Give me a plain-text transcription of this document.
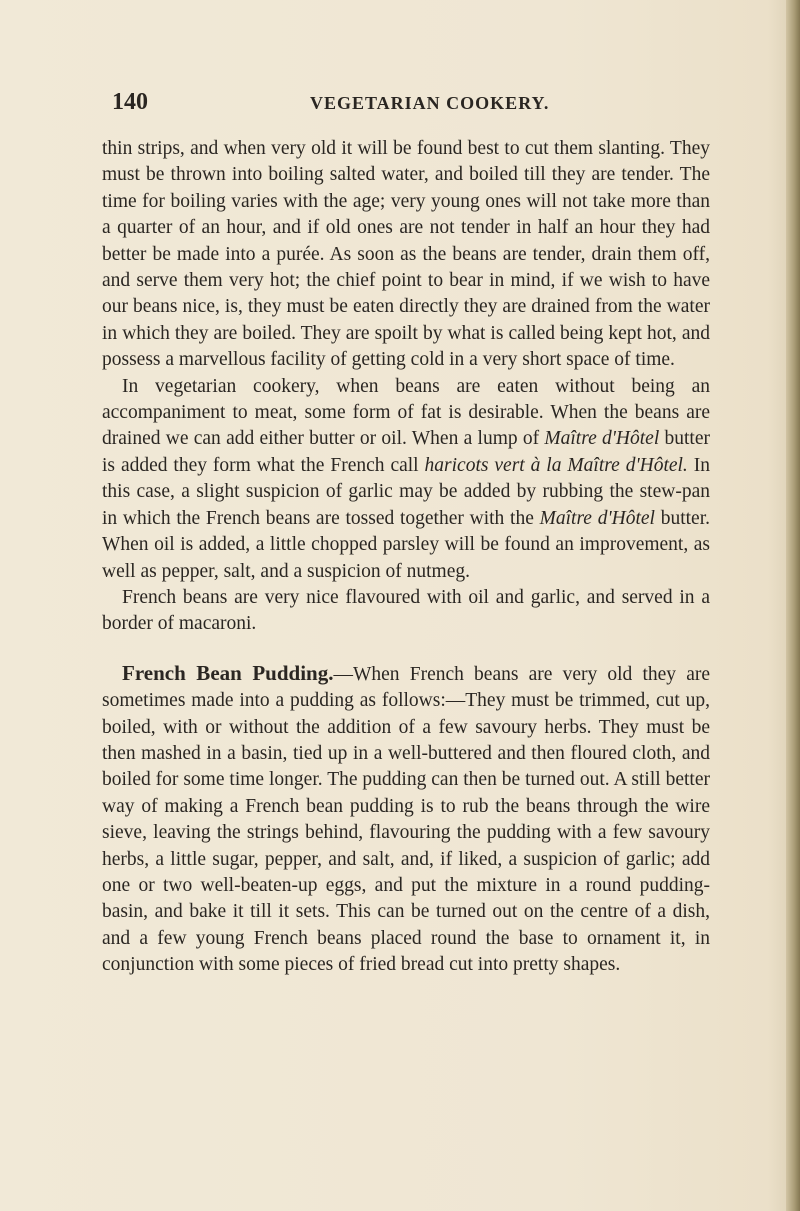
140	VEGETARIAN COOKERY.

thin strips, and when very old it will be found best to cut them slanting. They must be thrown into boiling salted water, and boiled till they are tender. The time for boiling varies with the age; very young ones will not take more than a quarter of an hour, and if old ones are not tender in half an hour they had better be made into a purée. As soon as the beans are tender, drain them off, and serve them very hot; the chief point to bear in mind, if we wish to have our beans nice, is, they must be eaten directly they are drained from the water in which they are boiled. They are spoilt by what is called being kept hot, and possess a marvellous facility of getting cold in a very short space of time.

In vegetarian cookery, when beans are eaten without being an accompaniment to meat, some form of fat is desirable. When the beans are drained we can add either butter or oil. When a lump of Maître d'Hôtel butter is added they form what the French call haricots vert à la Maître d'Hôtel. In this case, a slight suspicion of garlic may be added by rubbing the stew-pan in which the French beans are tossed together with the Maître d'Hôtel butter. When oil is added, a little chopped parsley will be found an improvement, as well as pepper, salt, and a suspicion of nutmeg.

French beans are very nice flavoured with oil and garlic, and served in a border of macaroni.

French Bean Pudding.—When French beans are very old they are sometimes made into a pudding as follows:—They must be trimmed, cut up, boiled, with or without the addition of a few savoury herbs. They must be then mashed in a basin, tied up in a well-buttered and then floured cloth, and boiled for some time longer. The pudding can then be turned out. A still better way of making a French bean pudding is to rub the beans through the wire sieve, leaving the strings behind, flavouring the pudding with a few savoury herbs, a little sugar, pepper, and salt, and, if liked, a suspicion of garlic; add one or two well-beaten-up eggs, and put the mixture in a round pudding-basin, and bake it till it sets. This can be turned out on the centre of a dish, and a few young French beans placed round the base to ornament it, in conjunction with some pieces of fried bread cut into pretty shapes.
